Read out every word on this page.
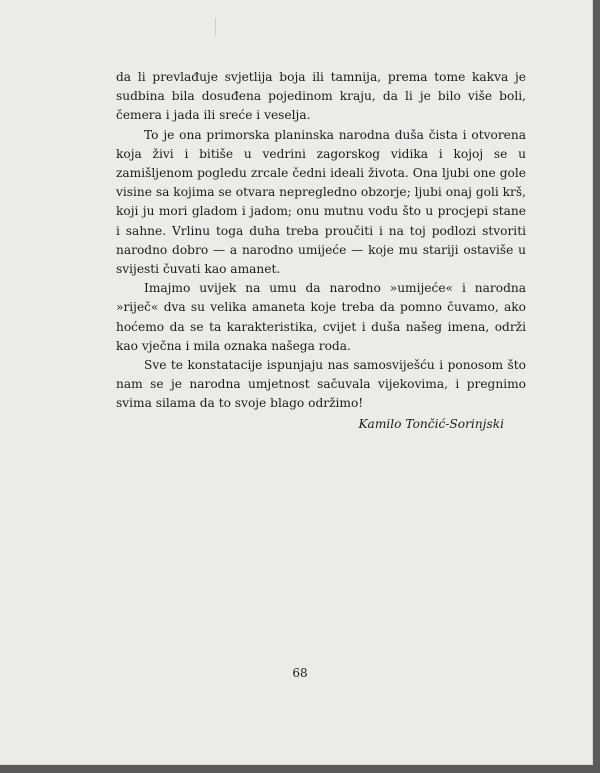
da li prevlađuje svjetlija boja ili tamnija, prema tome kakva je sudbina bila dosuđena pojedinom kraju, da li je bilo više boli, čemera i jada ili sreće i veselja.

To je ona primorska planinska narodna duša čista i otvorena koja živi i bitiše u vedrini zagorskog vidika i kojoj se u zamišljenom pogledu zrcale čedni ideali života. Ona ljubi one gole visine sa kojima se otvara nepregledno obzorje; ljubi onaj goli krš, koji ju mori gladom i jadom; onu mutnu vodu što u procjepi stane i sahne. Vrlinu toga duha treba proučiti i na toj podlozi stvoriti narodno dobro — a narodno umijeće — koje mu stariji ostaviše u svijesti čuvati kao amanet.

Imajmo uvijek na umu da narodno »umijeće« i narodna »riječ« dva su velika amaneta koje treba da pomno čuvamo, ako hoćemo da se ta karakteristika, cvijet i duša našeg imena, održi kao vječna i mila oznaka našega roda.

Sve te konstatacije ispunjaju nas samosviješću i ponosom što nam se je narodna umjetnost sačuvala vijekovima, i pregnimo svima silama da to svoje blago održimo!

Kamilo Tončić-Sorinjski
68
